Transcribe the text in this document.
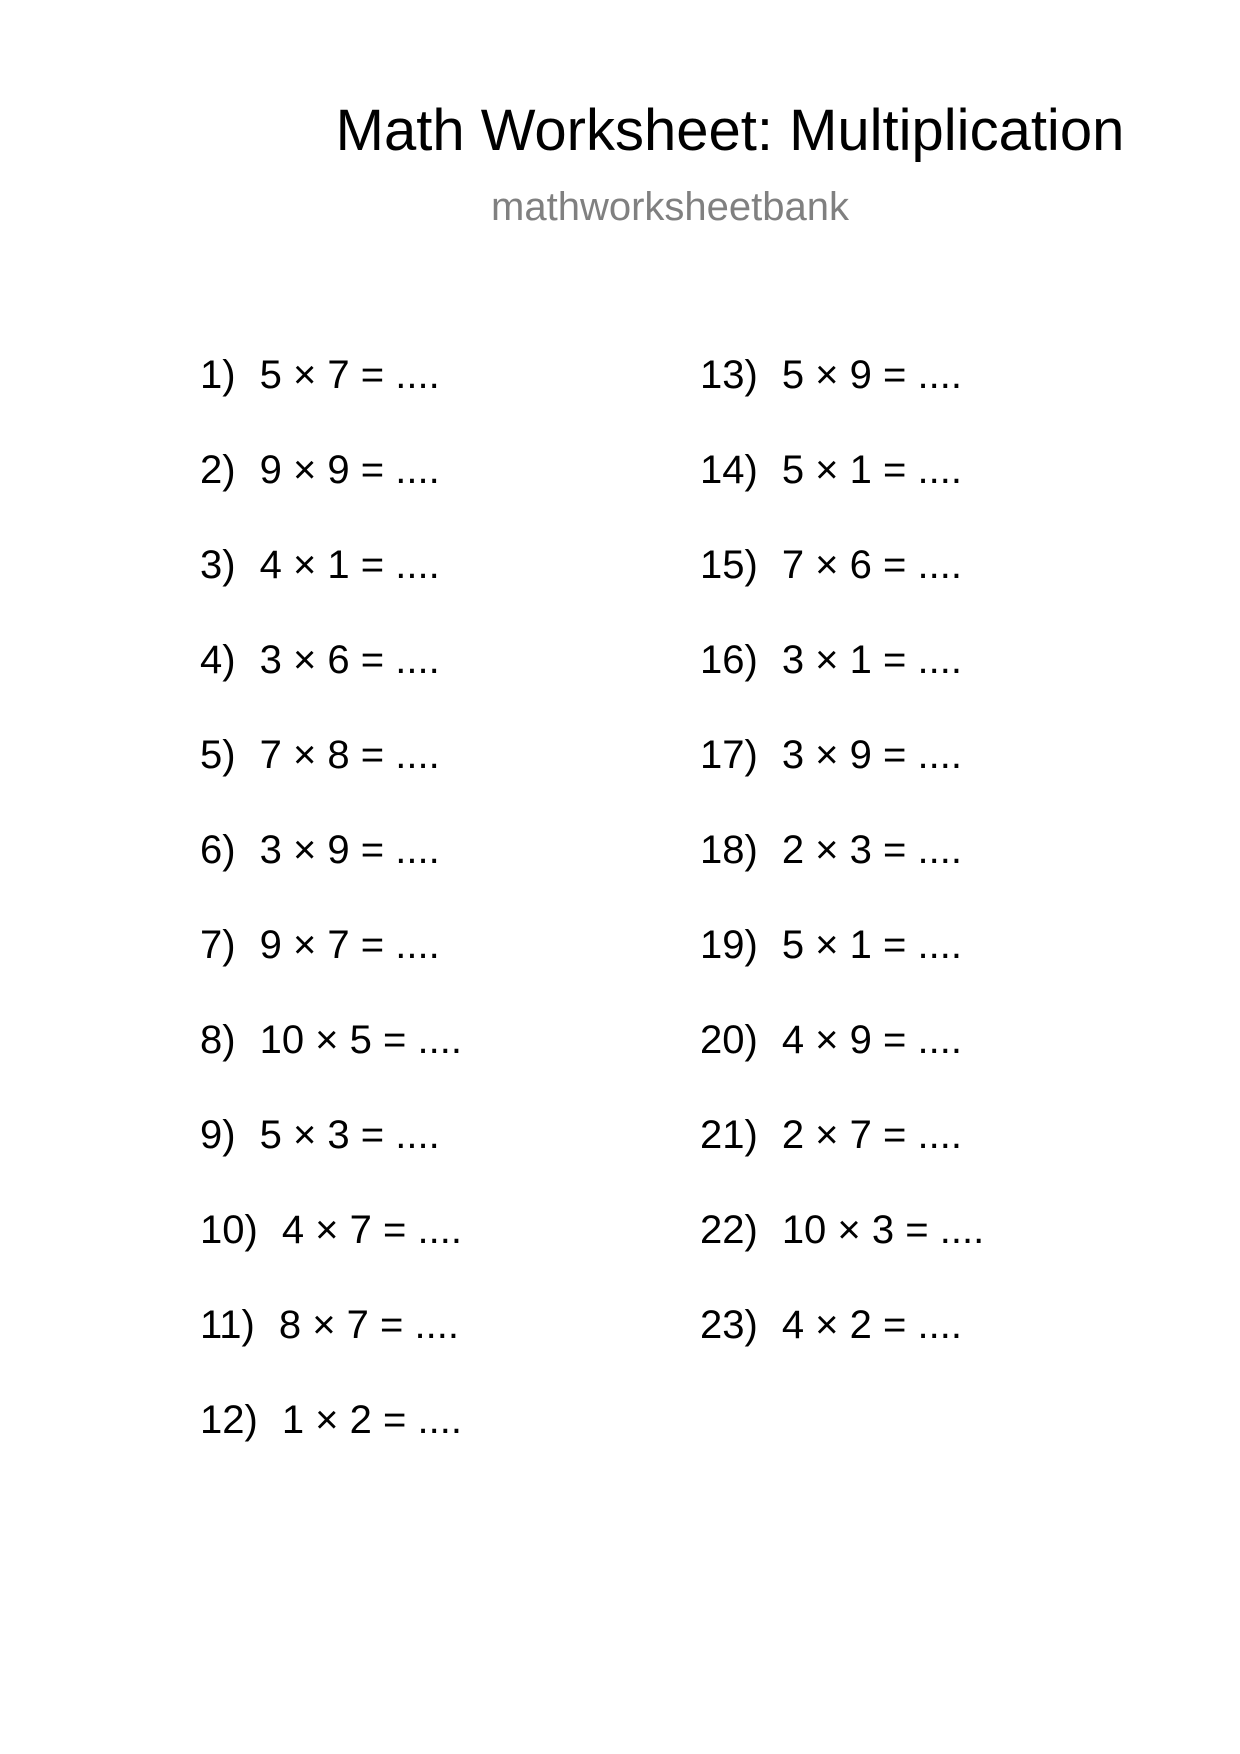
Math Worksheet: Multiplication
mathworksheetbank
1) 5 × 7 = ....
2) 9 × 9 = ....
3) 4 × 1 = ....
4) 3 × 6 = ....
5) 7 × 8 = ....
6) 3 × 9 = ....
7) 9 × 7 = ....
8) 10 × 5 = ....
9) 5 × 3 = ....
10) 4 × 7 = ....
11) 8 × 7 = ....
12) 1 × 2 = ....
13) 5 × 9 = ....
14) 5 × 1 = ....
15) 7 × 6 = ....
16) 3 × 1 = ....
17) 3 × 9 = ....
18) 2 × 3 = ....
19) 5 × 1 = ....
20) 4 × 9 = ....
21) 2 × 7 = ....
22) 10 × 3 = ....
23) 4 × 2 = ....
